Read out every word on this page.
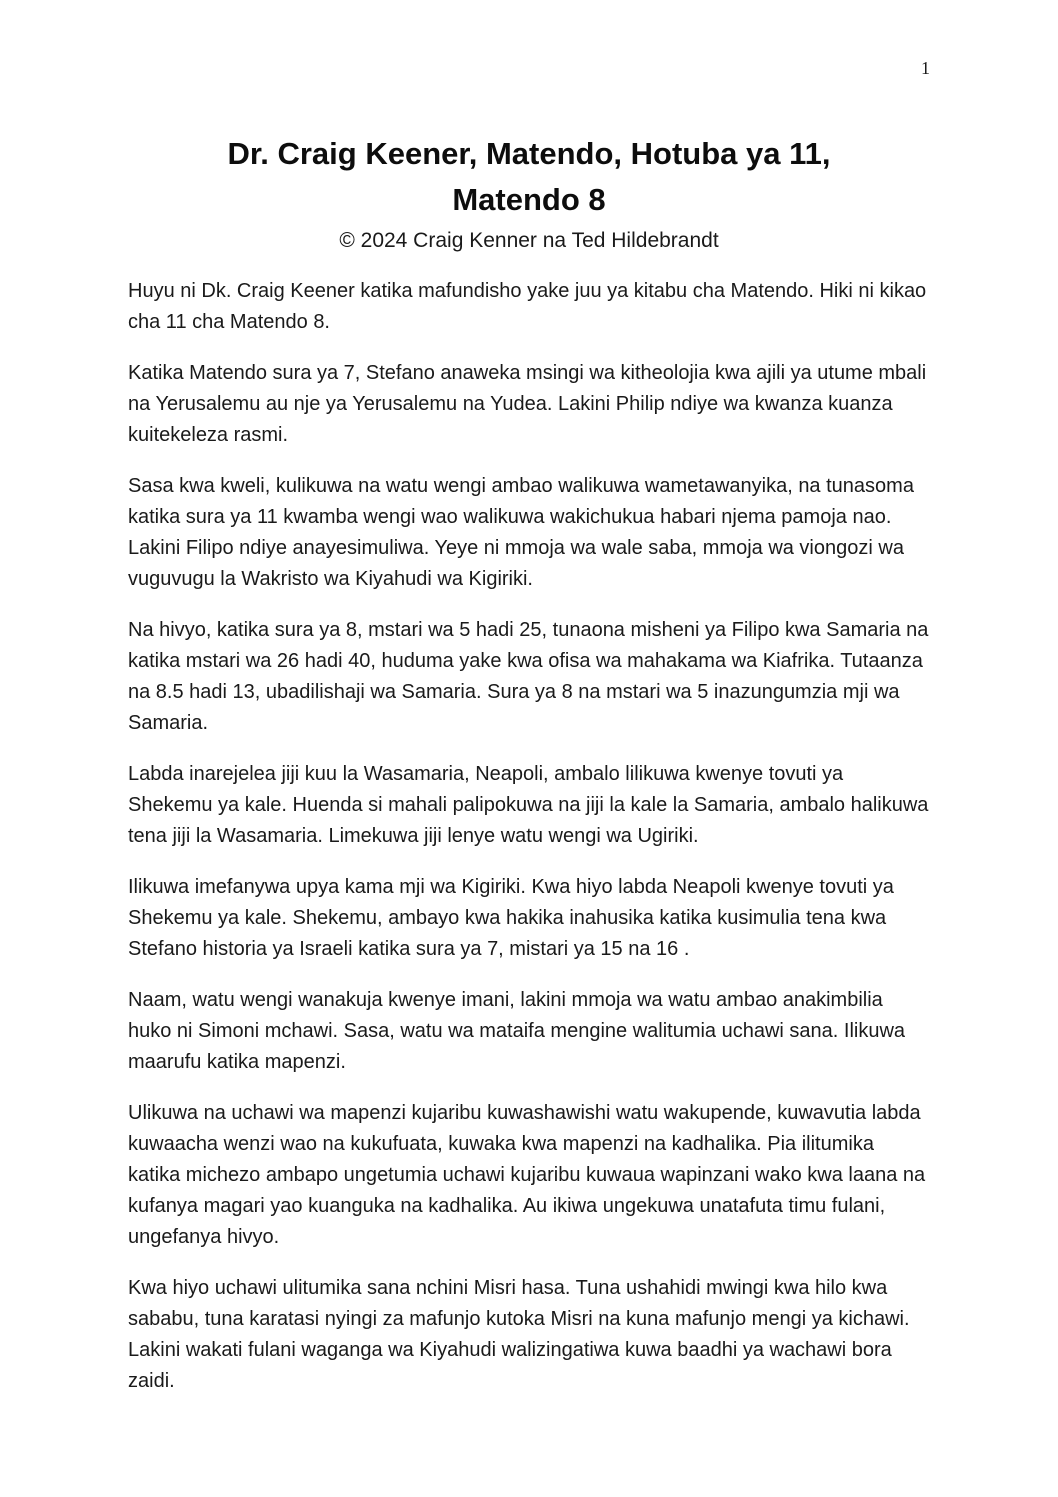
1
Dr. Craig Keener, Matendo, Hotuba ya 11,
Matendo 8

© 2024 Craig Kenner na Ted Hildebrandt

Huyu ni Dk. Craig Keener katika mafundisho yake juu ya kitabu cha Matendo. Hiki ni kikao cha 11 cha Matendo 8.

Katika Matendo sura ya 7, Stefano anaweka msingi wa kitheolojia kwa ajili ya utume mbali na Yerusalemu au nje ya Yerusalemu na Yudea. Lakini Philip ndiye wa kwanza kuanza kuitekeleza rasmi.

Sasa kwa kweli, kulikuwa na watu wengi ambao walikuwa wametawanyika, na tunasoma katika sura ya 11 kwamba wengi wao walikuwa wakichukua habari njema pamoja nao. Lakini Filipo ndiye anayesimuliwa. Yeye ni mmoja wa wale saba, mmoja wa viongozi wa vuguvugu la Wakristo wa Kiyahudi wa Kigiriki.

Na hivyo, katika sura ya 8, mstari wa 5 hadi 25, tunaona misheni ya Filipo kwa Samaria na katika mstari wa 26 hadi 40, huduma yake kwa ofisa wa mahakama wa Kiafrika. Tutaanza na 8.5 hadi 13, ubadilishaji wa Samaria. Sura ya 8 na mstari wa 5 inazungumzia mji wa Samaria.

Labda inarejelea jiji kuu la Wasamaria, Neapoli, ambalo lilikuwa kwenye tovuti ya Shekemu ya kale. Huenda si mahali palipokuwa na jiji la kale la Samaria, ambalo halikuwa tena jiji la Wasamaria. Limekuwa jiji lenye watu wengi wa Ugiriki.

Ilikuwa imefanywa upya kama mji wa Kigiriki. Kwa hiyo labda Neapoli kwenye tovuti ya Shekemu ya kale. Shekemu, ambayo kwa hakika inahusika katika kusimulia tena kwa Stefano historia ya Israeli katika sura ya 7, mistari ya 15 na 16 .

Naam, watu wengi wanakuja kwenye imani, lakini mmoja wa watu ambao anakimbilia huko ni Simoni mchawi. Sasa, watu wa mataifa mengine walitumia uchawi sana. Ilikuwa maarufu katika mapenzi.

Ulikuwa na uchawi wa mapenzi kujaribu kuwashawishi watu wakupende, kuwavutia labda kuwaacha wenzi wao na kukufuata, kuwaka kwa mapenzi na kadhalika. Pia ilitumika katika michezo ambapo ungetumia uchawi kujaribu kuwaua wapinzani wako kwa laana na kufanya magari yao kuanguka na kadhalika. Au ikiwa ungekuwa unatafuta timu fulani, ungefanya hivyo.

Kwa hiyo uchawi ulitumika sana nchini Misri hasa. Tuna ushahidi mwingi kwa hilo kwa sababu, tuna karatasi nyingi za mafunjo kutoka Misri na kuna mafunjo mengi ya kichawi. Lakini wakati fulani waganga wa Kiyahudi walizingatiwa kuwa baadhi ya wachawi bora zaidi.
